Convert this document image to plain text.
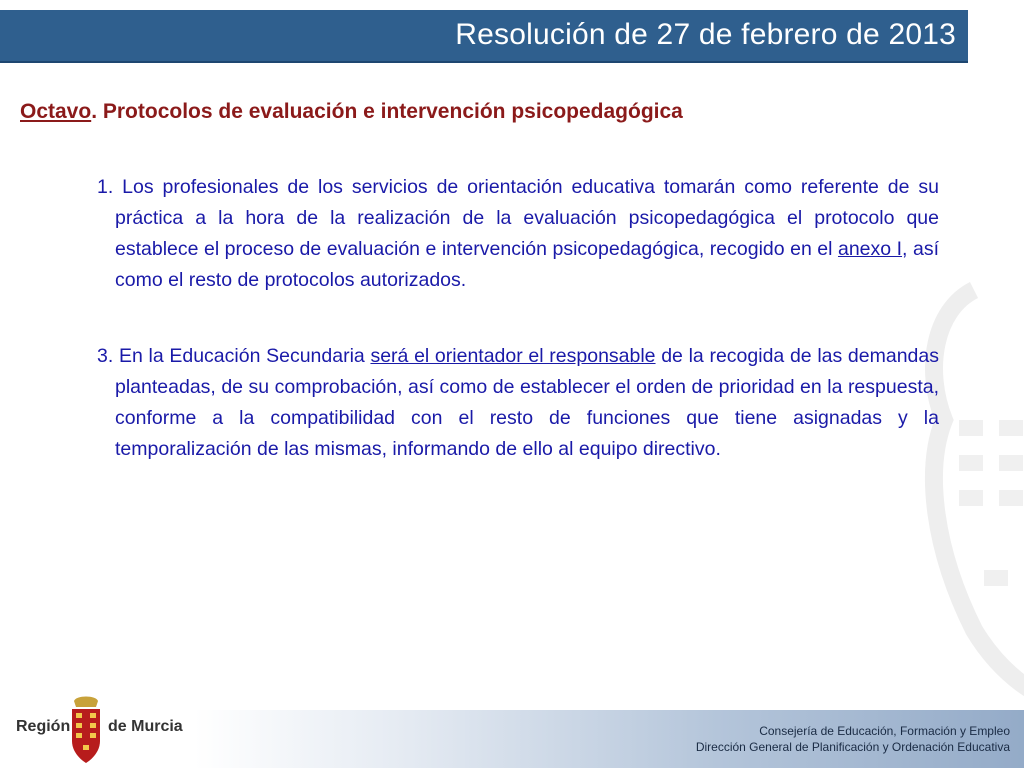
Resolución de 27 de febrero de 2013
Octavo. Protocolos de evaluación e intervención psicopedagógica
1. Los profesionales de los servicios de orientación educativa tomarán como referente de su práctica a la hora de la realización de la evaluación psicopedagógica el protocolo que establece el proceso de evaluación e intervención psicopedagógica, recogido en el anexo I, así como el resto de protocolos autorizados.
3. En la Educación Secundaria será el orientador el responsable de la recogida de las demandas planteadas, de su comprobación, así como de establecer el orden de prioridad en la respuesta, conforme a la compatibilidad con el resto de funciones que tiene asignadas y la temporalización de las mismas, informando de ello al equipo directivo.
Región de Murcia	Consejería de Educación, Formación y Empleo
Dirección General de Planificación y Ordenación Educativa
